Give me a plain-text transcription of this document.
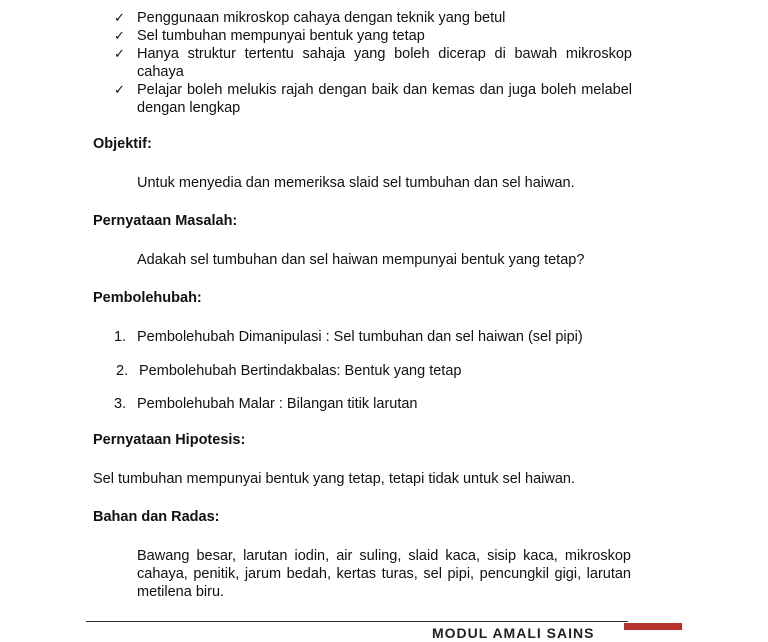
✓ Penggunaan mikroskop cahaya dengan teknik yang betul
✓ Sel tumbuhan mempunyai bentuk yang tetap
✓ Hanya struktur tertentu sahaja yang boleh dicerap di bawah mikroskop cahaya
✓ Pelajar boleh melukis rajah dengan baik dan kemas dan juga boleh melabel dengan lengkap
Objektif:
Untuk menyedia dan memeriksa slaid sel tumbuhan dan sel haiwan.
Pernyataan Masalah:
Adakah sel tumbuhan dan sel haiwan mempunyai bentuk yang tetap?
Pembolehubah:
1. Pembolehubah Dimanipulasi : Sel tumbuhan dan sel haiwan (sel pipi)
2. Pembolehubah Bertindakbalas: Bentuk yang tetap
3. Pembolehubah Malar : Bilangan titik larutan
Pernyataan Hipotesis:
Sel tumbuhan mempunyai bentuk yang tetap, tetapi tidak untuk sel haiwan.
Bahan dan Radas:
Bawang besar, larutan iodin, air suling, slaid kaca, sisip kaca, mikroskop cahaya, penitik, jarum bedah, kertas turas, sel pipi, pencungkil gigi, larutan metilena biru.
MODUL AMALI SAINS
